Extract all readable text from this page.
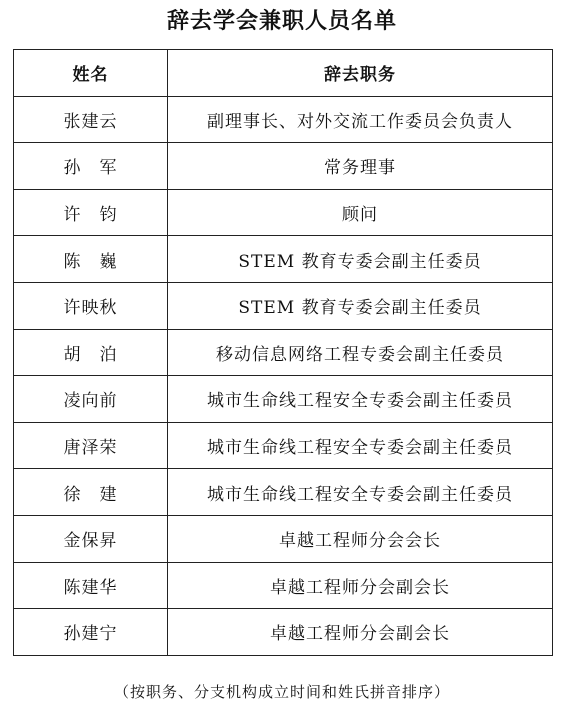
辞去学会兼职人员名单
姓名	辞去职务
张建云	副理事长、对外交流工作委员会负责人
孙　军	常务理事
许　钧	顾问
陈　巍	STEM 教育专委会副主任委员
许映秋	STEM 教育专委会副主任委员
胡　泊	移动信息网络工程专委会副主任委员
凌向前	城市生命线工程安全专委会副主任委员
唐泽荣	城市生命线工程安全专委会副主任委员
徐　建	城市生命线工程安全专委会副主任委员
金保昇	卓越工程师分会会长
陈建华	卓越工程师分会副会长
孙建宁	卓越工程师分会副会长
（按职务、分支机构成立时间和姓氏拼音排序）
